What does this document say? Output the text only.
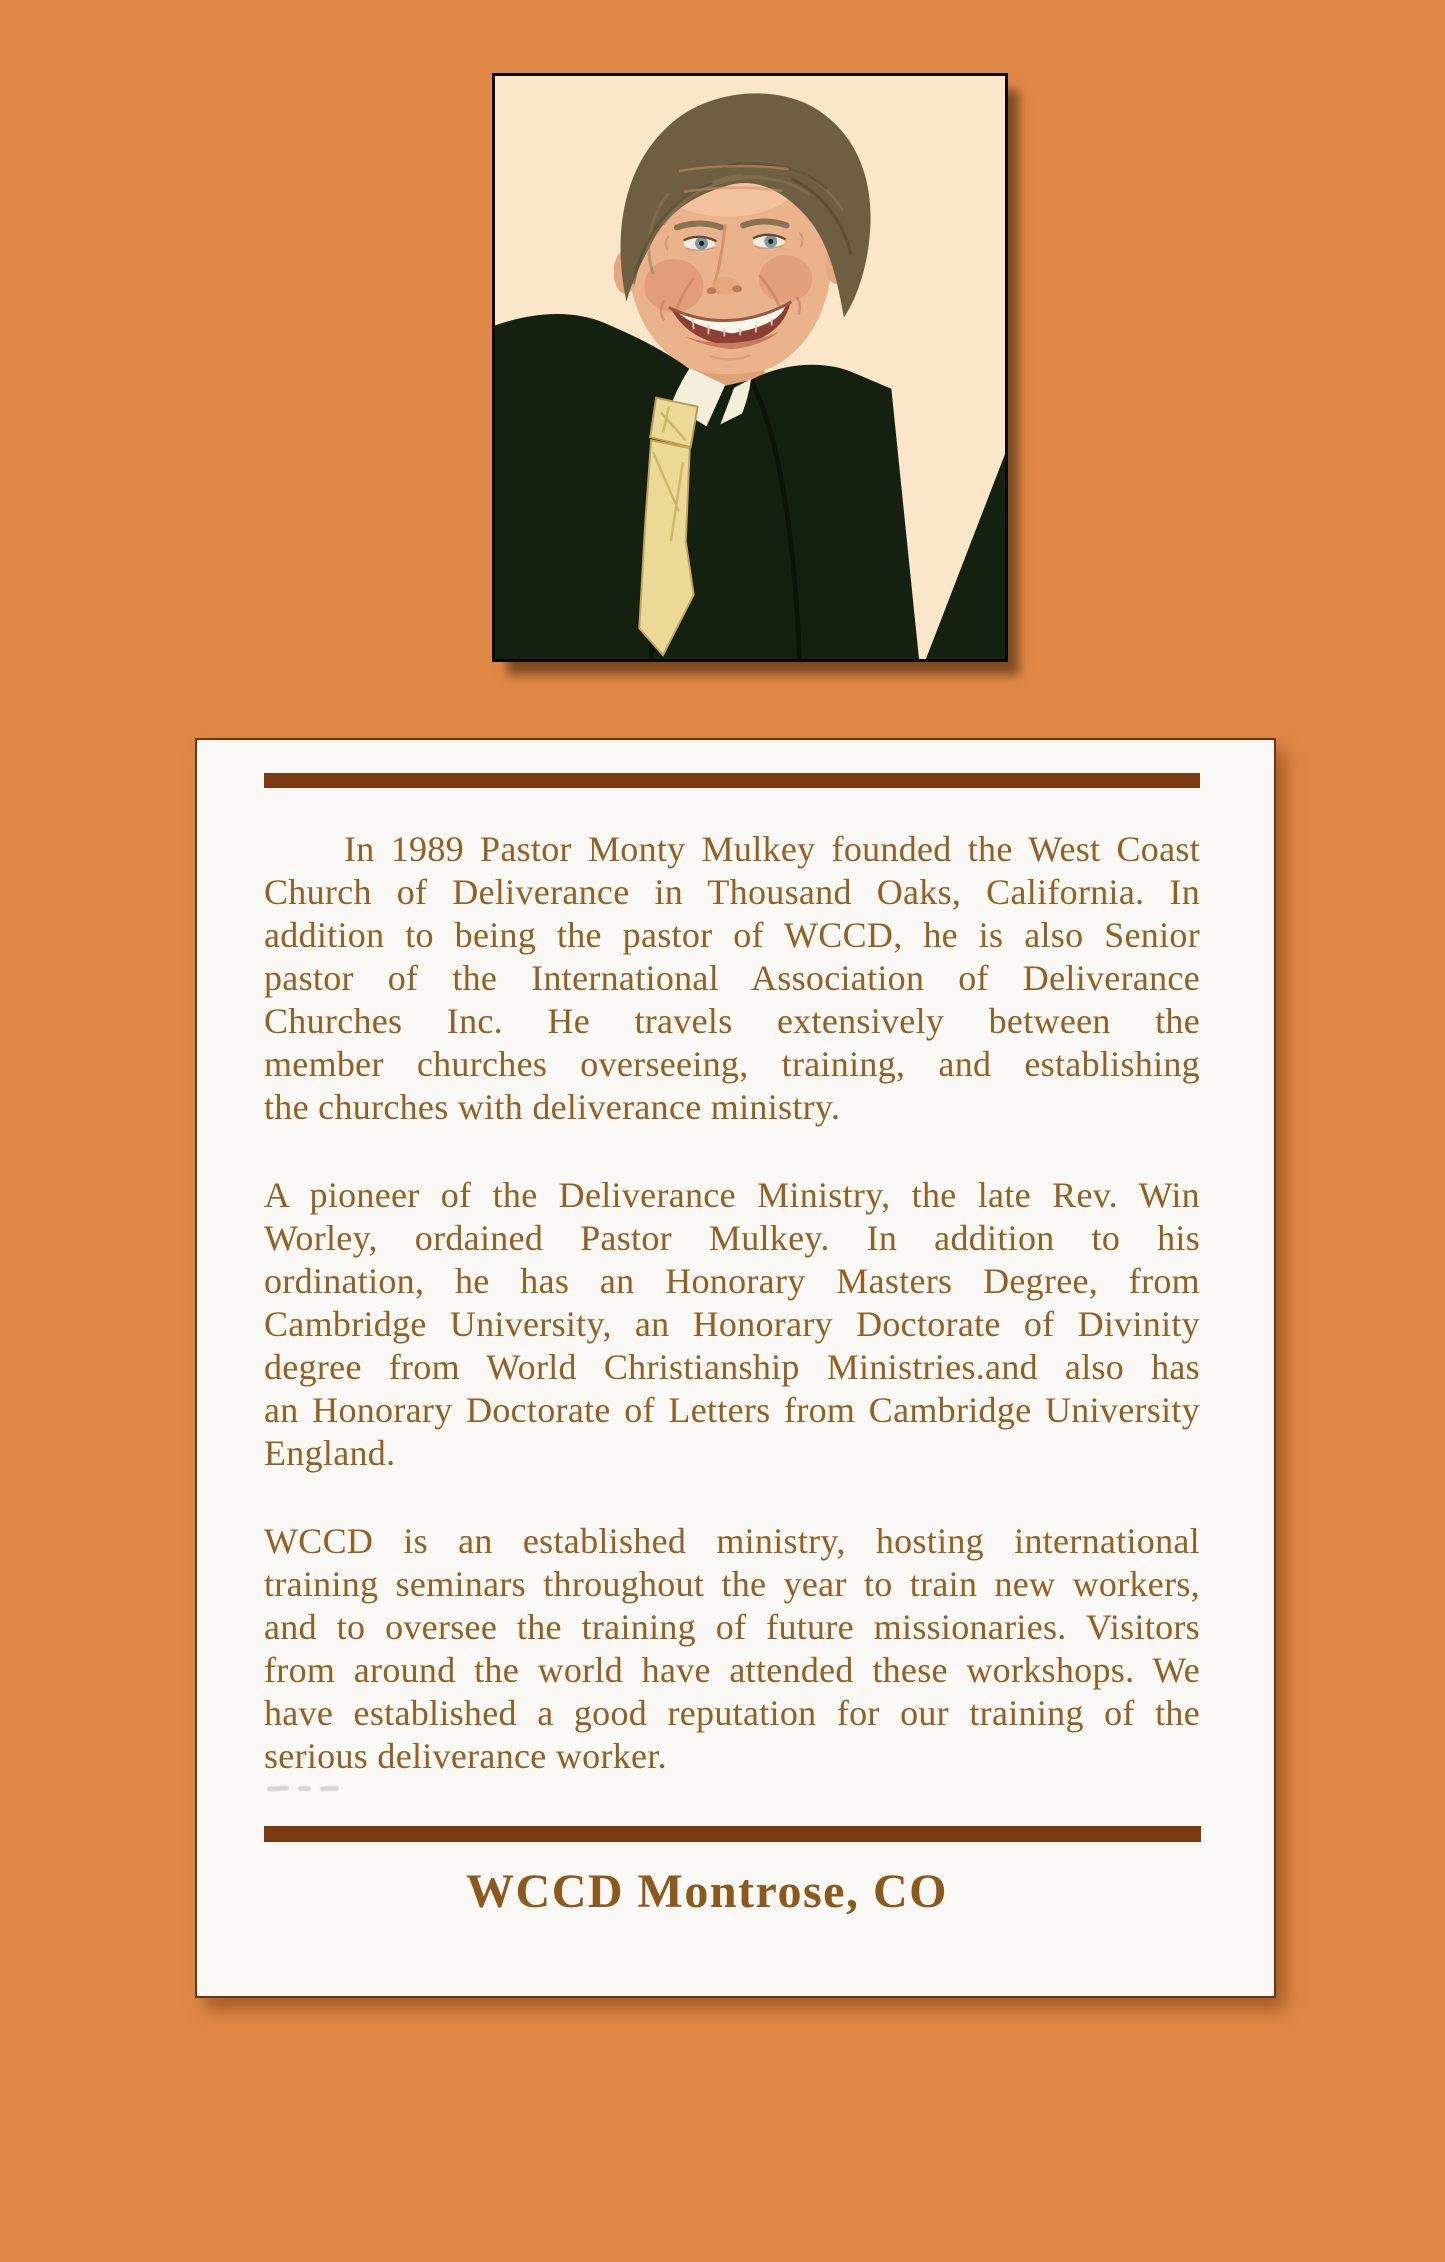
In 1989 Pastor Monty Mulkey founded the West Coast
Church of Deliverance in Thousand Oaks, California. In
addition to being the pastor of WCCD, he is also Senior
pastor of the International Association of Deliverance
Churches Inc. He travels extensively between the
member churches overseeing, training, and establishing
the churches with deliverance ministry.
A pioneer of the Deliverance Ministry, the late Rev. Win
Worley, ordained Pastor Mulkey. In addition to his
ordination, he has an Honorary Masters Degree, from
Cambridge University, an Honorary Doctorate of Divinity
degree from World Christianship Ministries.and also has
an Honorary Doctorate of Letters from Cambridge University
England.
WCCD is an established ministry, hosting international
training seminars throughout the year to train new workers,
and to oversee the training of future missionaries. Visitors
from around the world have attended these workshops. We
have established a good reputation for our training of the
serious deliverance worker.
WCCD Montrose, CO
